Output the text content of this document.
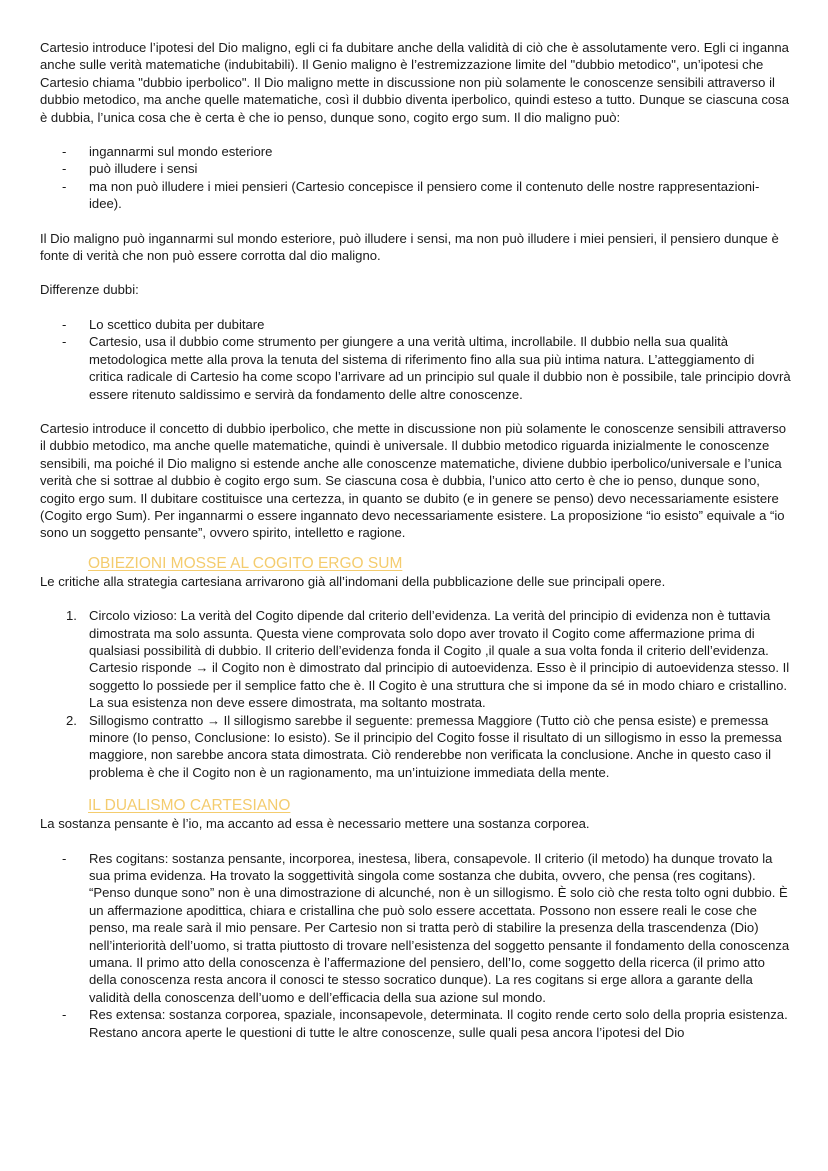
Cartesio introduce l’ipotesi del Dio maligno, egli ci fa dubitare anche della validità di ciò che è assolutamente vero. Egli ci inganna anche sulle verità matematiche (indubitabili). Il Genio maligno è l’estremizzazione limite del "dubbio metodico", un’ipotesi che Cartesio chiama "dubbio iperbolico". Il Dio maligno mette in discussione non più solamente le conoscenze sensibili attraverso il dubbio metodico, ma anche quelle matematiche, così il dubbio diventa iperbolico, quindi esteso a tutto. Dunque se ciascuna cosa è dubbia, l’unica cosa che è certa è che io penso, dunque sono, cogito ergo sum. Il dio maligno può:

- ingannarmi sul mondo esteriore
- può illudere i sensi
- ma non può illudere i miei pensieri (Cartesio concepisce il pensiero come il contenuto delle nostre rappresentazioni-idee).

Il Dio maligno può ingannarmi sul mondo esteriore, può illudere i sensi, ma non può illudere i miei pensieri, il pensiero dunque è fonte di verità che non può essere corrotta dal dio maligno.

Differenze dubbi:

- Lo scettico dubita per dubitare
- Cartesio, usa il dubbio come strumento per giungere a una verità ultima, incrollabile. Il dubbio nella sua qualità metodologica mette alla prova la tenuta del sistema di riferimento fino alla sua più intima natura. L’atteggiamento di critica radicale di Cartesio ha come scopo l’arrivare ad un principio sul quale il dubbio non è possibile, tale principio dovrà essere ritenuto saldissimo e servirà da fondamento delle altre conoscenze.

Cartesio introduce il concetto di dubbio iperbolico, che mette in discussione non più solamente le conoscenze sensibili attraverso il dubbio metodico, ma anche quelle matematiche, quindi è universale. Il dubbio metodico riguarda inizialmente le conoscenze sensibili, ma poiché il Dio maligno si estende anche alle conoscenze matematiche, diviene dubbio iperbolico/universale e l’unica verità che si sottrae al dubbio è cogito ergo sum. Se ciascuna cosa è dubbia, l’unico atto certo è che io penso, dunque sono, cogito ergo sum. Il dubitare costituisce una certezza, in quanto se dubito (e in genere se penso) devo necessariamente esistere (Cogito ergo Sum). Per ingannarmi o essere ingannato devo necessariamente esistere. La proposizione “io esisto” equivale a “io sono un soggetto pensante”, ovvero spirito, intelletto e ragione.

OBIEZIONI MOSSE AL COGITO ERGO SUM

Le critiche alla strategia cartesiana arrivarono già all’indomani della pubblicazione delle sue principali opere.

1. Circolo vizioso: La verità del Cogito dipende dal criterio dell’evidenza. La verità del principio di evidenza non è tuttavia dimostrata ma solo assunta. Questa viene comprovata solo dopo aver trovato il Cogito come affermazione prima di qualsiasi possibilità di dubbio. Il criterio dell’evidenza fonda il Cogito ,il quale a sua volta fonda il criterio dell’evidenza. Cartesio risponde → il Cogito non è dimostrato dal principio di autoevidenza. Esso è il principio di autoevidenza stesso. Il soggetto lo possiede per il semplice fatto che è. Il Cogito è una struttura che si impone da sé in modo chiaro e cristallino. La sua esistenza non deve essere dimostrata, ma soltanto mostrata.
2. Sillogismo contratto → Il sillogismo sarebbe il seguente: premessa Maggiore (Tutto ciò che pensa esiste) e premessa minore (Io penso, Conclusione: Io esisto). Se il principio del Cogito fosse il risultato di un sillogismo in esso la premessa maggiore, non sarebbe ancora stata dimostrata. Ciò renderebbe non verificata la conclusione. Anche in questo caso il problema è che il Cogito non è un ragionamento, ma un’intuizione immediata della mente.
IL DUALISMO CARTESIANO

La sostanza pensante è l’io, ma accanto ad essa è necessario mettere una sostanza corporea.

- Res cogitans: sostanza pensante, incorporea, inestesa, libera, consapevole. Il criterio (il metodo) ha dunque trovato la sua prima evidenza. Ha trovato la soggettività singola come sostanza che dubita, ovvero, che pensa (res cogitans). “Penso dunque sono” non è una dimostrazione di alcunché, non è un sillogismo. È solo ciò che resta tolto ogni dubbio. È un affermazione apodittica, chiara e cristallina che può solo essere accettata. Possono non essere reali le cose che penso, ma reale sarà il mio pensare. Per Cartesio non si tratta però di stabilire la presenza della trascendenza (Dio) nell’interiorità dell’uomo, si tratta piuttosto di trovare nell’esistenza del soggetto pensante il fondamento della conoscenza umana. Il primo atto della conoscenza è l’affermazione del pensiero, dell’Io, come soggetto della ricerca (il primo atto della conoscenza resta ancora il conosci te stesso socratico dunque). La res cogitans si erge allora a garante della validità della conoscenza dell’uomo e dell’efficacia della sua azione sul mondo.
- Res extensa: sostanza corporea, spaziale, inconsapevole, determinata. Il cogito rende certo solo della propria esistenza. Restano ancora aperte le questioni di tutte le altre conoscenze, sulle quali pesa ancora l’ipotesi del Dio
